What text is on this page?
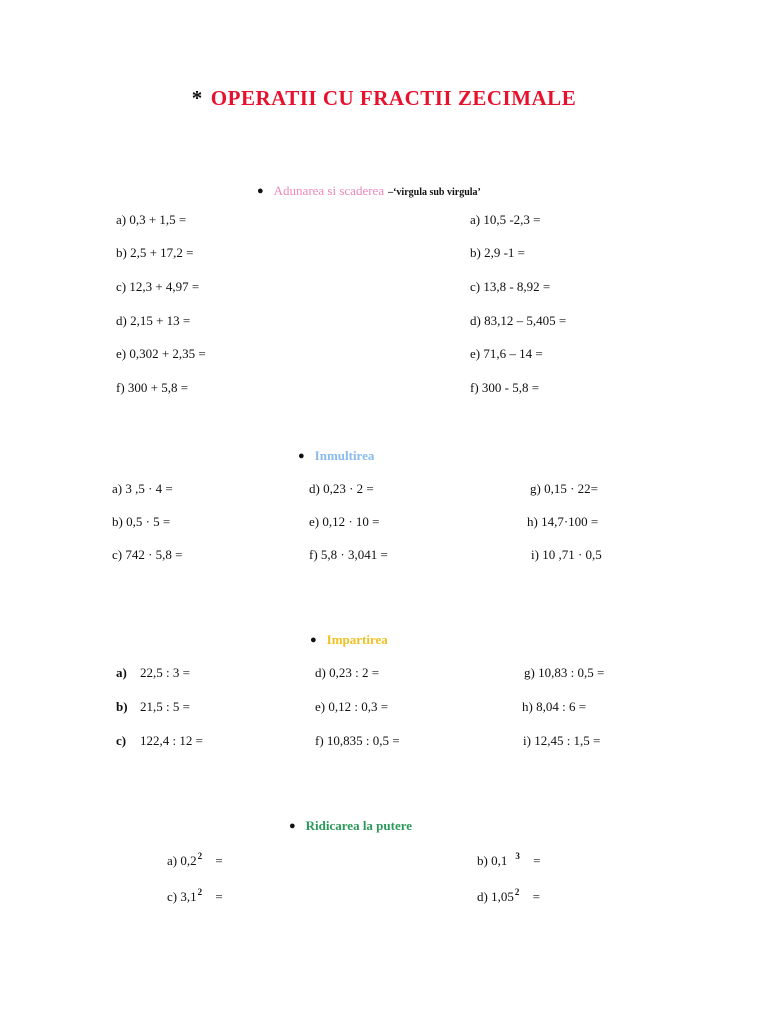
* OPERATII CU FRACTII ZECIMALE
● Adunarea si scaderea –‘virgula sub virgula’
a) 0,3 + 1,5 =
b) 2,5 + 17,2 =
c) 12,3 + 4,97 =
d) 2,15 + 13 =
e) 0,302 + 2,35 =
f) 300 + 5,8 =
a) 10,5 -2,3 =
b) 2,9 -1 =
c) 13,8 - 8,92 =
d) 83,12 – 5,405 =
e) 71,6 – 14 =
f) 300 - 5,8 =
● Inmultirea
a) 3 ,5 · 4 =
b) 0,5 · 5 =
c) 742 · 5,8 =
d) 0,23 · 2 =
e) 0,12 · 10 =
f) 5,8 · 3,041 =
g) 0,15 · 22=
h) 14,7·100 =
i) 10 ,71 · 0,5
● Impartirea
a)
b)
c)
22,5 : 3 =
21,5 : 5 =
122,4 : 12 =
d) 0,23 : 2 =
e) 0,12 : 0,3 =
f) 10,835 : 0,5 =
g) 10,83 : 0,5 =
h) 8,04 : 6 =
i) 12,45 : 1,5 =
● Ridicarea la putere
a) $0,2^2$ =	b) 0,1 $^3$ =
c) $3,1^2$ =	d) $1,05^2$ =
